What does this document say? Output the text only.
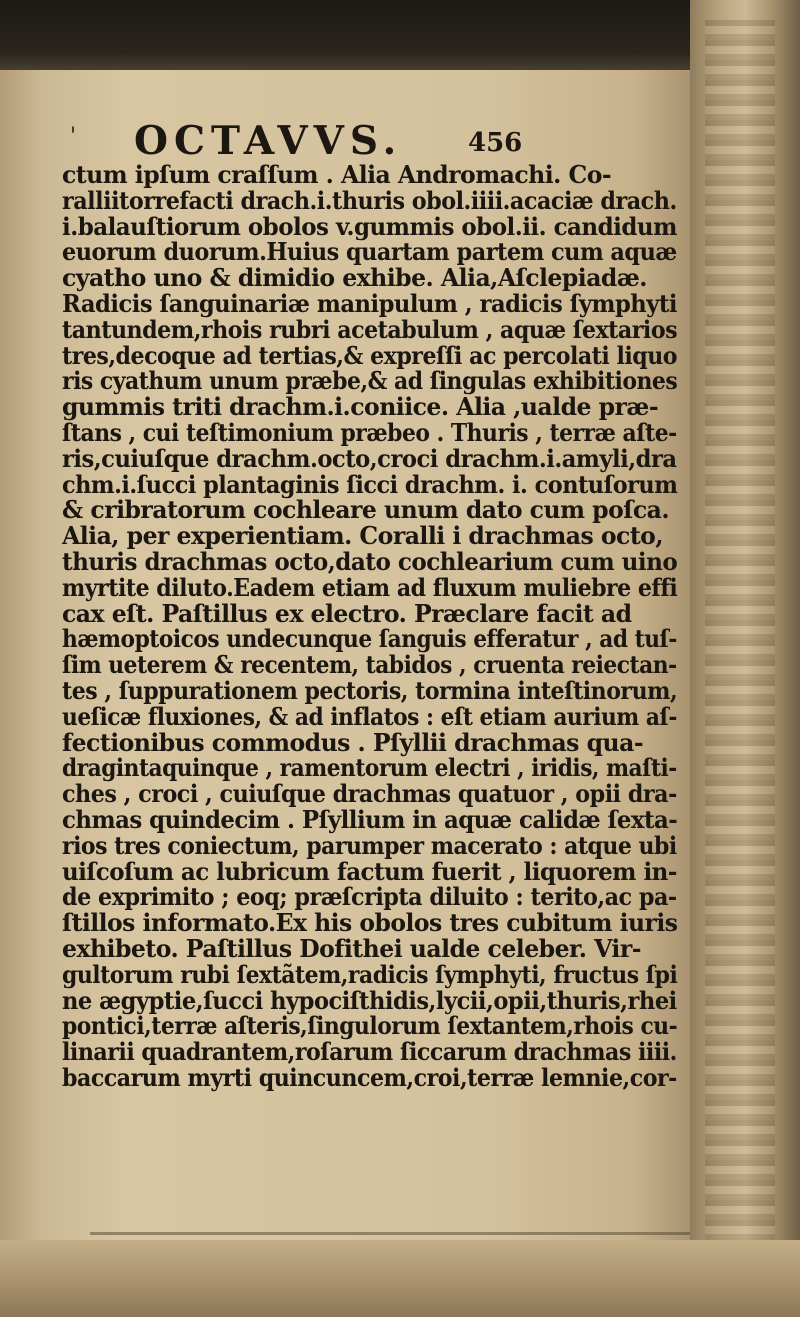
' OCTAVVS.	456
ctum ipſum craſſum . Alia Andromachi. Co-
ralliitorrefacti drach.i.thuris obol.iiii.acaciæ drach.
i.balauſtiorum obolos v.gummis obol.ii. candidum
euorum duorum.Huius quartam partem cum aquæ
cyatho uno & dimidio exhibe. Alia,Aſclepiadæ.
Radicis ſanguinariæ manipulum , radicis ſymphyti
tantundem,rhois rubri acetabulum , aquæ ſextarios
tres,decoque ad tertias,& expreſſi ac percolati liquo
ris cyathum unum præbe,& ad ſingulas exhibitiones
gummis triti drachm.i.coniice. Alia ,ualde præ-
ſtans , cui teſtimonium præbeo . Thuris , terræ aſte-
ris,cuiuſque drachm.octo,croci drachm.i.amyli,dra
chm.i.ſucci plantaginis ſicci drachm. i. contuſorum
& cribratorum cochleare unum dato cum poſca.
Alia, per experientiam. Coralli i drachmas octo,
thuris drachmas octo,dato cochlearium cum uino
myrtite diluto.Eadem etiam ad fluxum muliebre effi
cax eſt. Paſtillus ex electro. Præclare facit ad
hæmoptoicos undecunque ſanguis efferatur , ad tuſ-
ſim ueterem & recentem, tabidos , cruenta reiectan-
tes , ſuppurationem pectoris, tormina inteſtinorum,
ueſicæ fluxiones, & ad inflatos : eſt etiam aurium aſ-
fectionibus commodus . Pſyllii drachmas qua-
dragintaquinque , ramentorum electri , iridis, maſti-
ches , croci , cuiuſque drachmas quatuor , opii dra-
chmas quindecim . Pſyllium in aquæ calidæ ſexta-
rios tres coniectum, parumper macerato : atque ubi
uiſcoſum ac lubricum factum fuerit , liquorem in-
de exprimito ; eoq; præſcripta diluito : terito,ac pa-
ſtillos informato.Ex his obolos tres cubitum iuris
exhibeto. Paſtillus Dofithei ualde celeber. Vir-
gultorum rubi ſextãtem,radicis ſymphyti, fructus ſpi
ne ægyptie,ſucci hypociſthidis,lycii,opii,thuris,rhei
pontici,terræ aſteris,ſingulorum ſextantem,rhois cu-
linarii quadrantem,roſarum ſiccarum drachmas iiii.
baccarum myrti quincuncem,croi,terræ lemnie,cor-
